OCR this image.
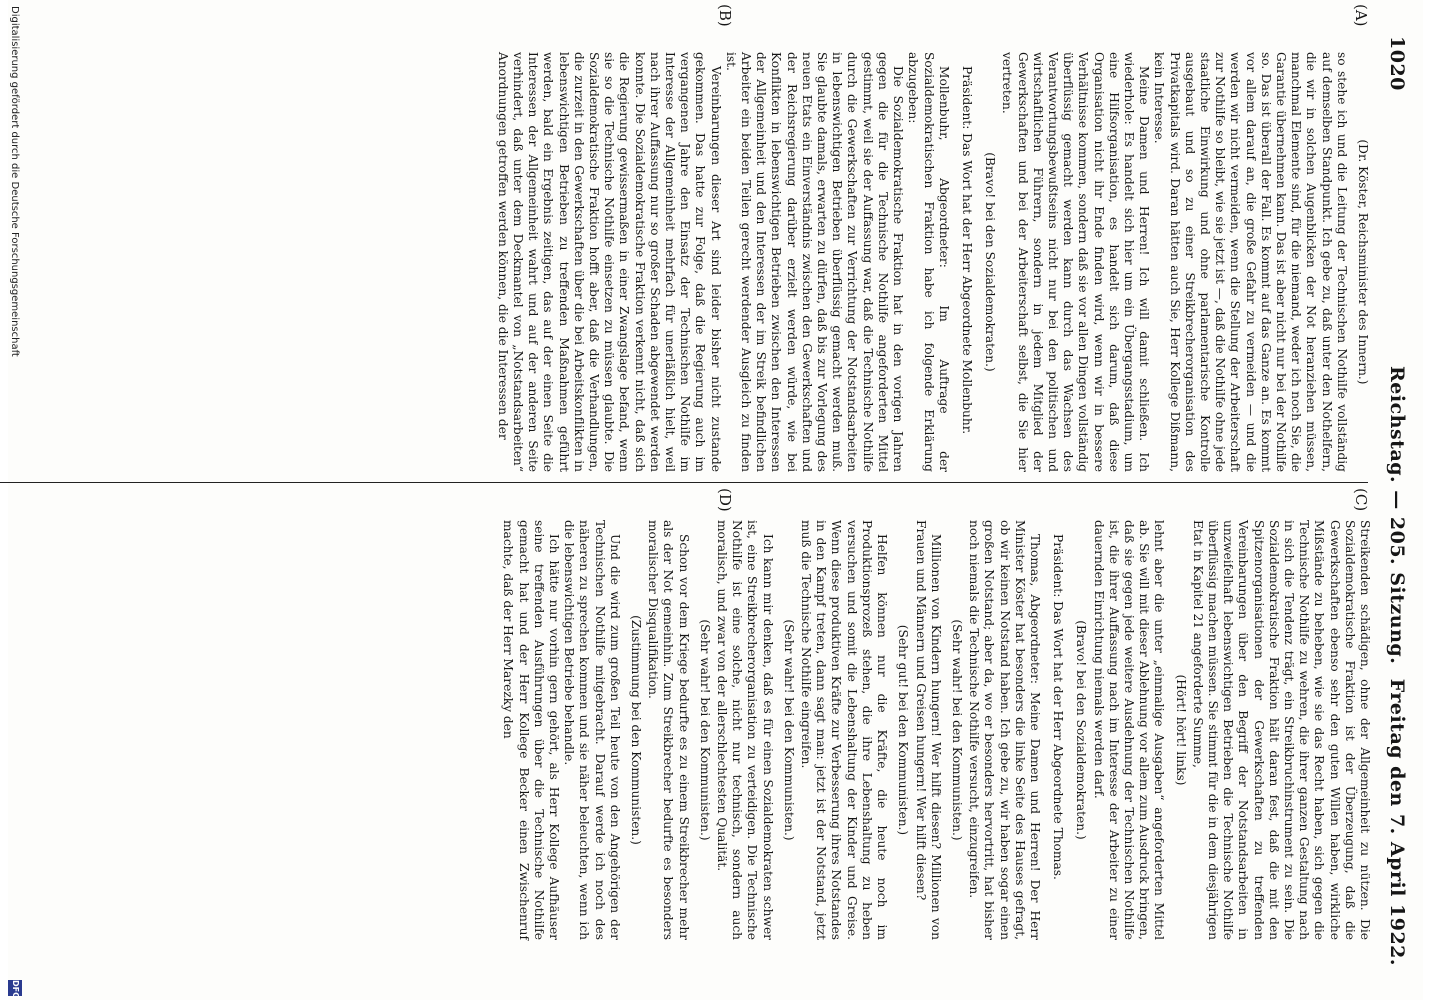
1020
Reichstag. — 205. Sitzung.
Freitag den 7. April 1922.
(A)
(B)
(C)
(D)

(Dr. Köster, Reichsminister des Innern.)

so stehe ich und die Leitung der Technischen Nothilfe vollständig auf demselben Standpunkt. Ich gebe zu, daß unter den Nothelfern, die wir in solchen Augenblicken der Not heranziehen müssen, manchmal Elemente sind, für die niemand, weder ich noch Sie, die Garantie übernehmen kann. Das ist aber nicht nur bei der Nothilfe so. Das ist überall der Fall. Es kommt auf das Ganze an. Es kommt vor allem darauf an, die große Gefahr zu vermeiden — und die werden wir nicht vermeiden, wenn die Stellung der Arbeiterschaft zur Nothilfe so bleibt, wie sie jetzt ist —, daß die Nothilfe ohne jede staatliche Einwirkung und ohne parlamentarische Kontrolle ausgebaut und so zu einer Streikbrecherorganisation des Privatkapitals wird. Daran hätten auch Sie, Herr Kollege Dißmann, kein Interesse.

Meine Damen und Herren! Ich will damit schließen. Ich wiederhole: Es handelt sich hier um ein Übergangsstadium, um eine Hilfsorganisation, es handelt sich darum, daß diese Organisation nicht ihr Ende finden wird, wenn wir in bessere Verhältnisse kommen, sondern daß sie vor allen Dingen vollständig überflüssig gemacht werden kann durch das Wachsen des Verantwortungsbewußtseins nicht nur bei den politischen und wirtschaftlichen Führern, sondern in jedem Mitglied der Gewerkschaften und bei der Arbeiterschaft selbst, die Sie hier vertreten.

(Bravo! bei den Sozialdemokraten.)

Präsident: Das Wort hat der Herr Abgeordnete Mollenbuhr.

Mollenbuhr, Abgeordneter: Im Auftrage der Sozialdemokratischen Fraktion habe ich folgende Erklärung abzugeben:

Die Sozialdemokratische Fraktion hat in den vorigen Jahren gegen die für die Technische Nothilfe angeforderten Mittel gestimmt, weil sie der Auffassung war, daß die Technische Nothilfe durch die Gewerkschaften zur Verrichtung der Notstandsarbeiten in lebenswichtigen Betrieben überflüssig gemacht werden muß. Sie glaubte damals, erwarten zu dürfen, daß bis zur Vorlegung des neuen Etats ein Einverständnis zwischen den Gewerkschaften und der Reichsregierung darüber erzielt werden würde, wie bei Konflikten in lebenswichtigen Betrieben zwischen den Interessen der Allgemeinheit und den Interessen der im Streik befindlichen Arbeiter ein beiden Teilen gerecht werdender Ausgleich zu finden ist.

Vereinbarungen dieser Art sind leider bisher nicht zustande gekommen. Das hatte zur Folge, daß die Regierung auch im vergangenen Jahre den Einsatz der Technischen Nothilfe im Interesse der Allgemeinheit mehrfach für unerläßlich hielt, weil nach ihrer Auffassung nur so großer Schaden abgewendet werden konnte. Die Sozialdemokratische Fraktion verkennt nicht, daß sich die Regierung gewissermaßen in einer Zwangslage befand, wenn sie so die Technische Nothilfe einsetzen zu müssen glaubte. Die Sozialdemokratische Fraktion hofft aber, daß die Verhandlungen, die zurzeit in den Gewerkschaften über die bei Arbeitskonflikten in lebenswichtigen Betrieben zu treffenden Maßnahmen geführt werden, bald ein Ergebnis zeitigen, das auf der einen Seite die Interessen der Allgemeinheit wahrt und auf der anderen Seite verhindert, daß unter dem Deckmantel von „Notstandsarbeiten“ Anordnungen getroffen werden können, die die Interessen der

Streikenden schädigen, ohne der Allgemeinheit zu nützen. Die Sozialdemokratische Fraktion ist der Überzeugung, daß die Gewerkschaften ebenso sehr den guten Willen haben, wirkliche Mißstände zu beheben, wie sie das Recht haben, sich gegen die Technische Nothilfe zu wehren, die ihrer ganzen Gestaltung nach in sich die Tendenz trägt, ein Streikbruchinstrument zu sein. Die Sozialdemokratische Fraktion hält daran fest, daß die mit den Spitzenorganisationen der Gewerkschaften zu treffenden Vereinbarungen über den Begriff der Notstandsarbeiten in unzweifelhaft lebenswichtigen Betrieben die Technische Nothilfe überflüssig machen müssen. Sie stimmt für die in dem diesjährigen Etat in Kapitel 21 angeforderte Summe,

(Hört! hört! links)

lehnt aber die unter „einmalige Ausgaben“ angeforderten Mittel ab. Sie will mit dieser Ablehnung vor allem zum Ausdruck bringen, daß sie gegen jede weitere Ausdehnung der Technischen Nothilfe ist, die ihrer Auffassung nach im Interesse der Arbeiter zu einer dauernden Einrichtung niemals werden darf.

(Bravo! bei den Sozialdemokraten.)

Präsident: Das Wort hat der Herr Abgeordnete Thomas.

Thomas, Abgeordneter: Meine Damen und Herren! Der Herr Minister Köster hat besonders die linke Seite des Hauses gefragt, ob wir keinen Notstand haben. Ich gebe zu, wir haben sogar einen großen Notstand; aber da, wo er besonders hervortritt, hat bisher noch niemals die Technische Nothilfe versucht, einzugreifen.

(Sehr wahr! bei den Kommunisten.)

Millionen von Kindern hungern! Wer hilft diesen? Millionen von Frauen und Männern und Greisen hungern! Wer hilft diesen?

(Sehr gut! bei den Kommunisten.)

Helfen können nur die Kräfte, die heute noch im Produktionsprozeß stehen, die ihre Lebenshaltung zu heben versuchen und somit die Lebenshaltung der Kinder und Greise. Wenn diese produktiven Kräfte zur Verbesserung ihres Notstandes in den Kampf treten, dann sagt man: jetzt ist der Notstand, jetzt muß die Technische Nothilfe eingreifen.

(Sehr wahr! bei den Kommunisten.)

Ich kann mir denken, daß es für einen Sozialdemokraten schwer ist, eine Streikbrecherorganisation zu verteidigen. Die Technische Nothilfe ist eine solche, nicht nur technisch, sondern auch moralisch, und zwar von der allerschlechtesten Qualität.

(Sehr wahr! bei den Kommunisten.)

Schon vor dem Kriege bedurfte es zu einem Streikbrecher mehr als der Not gemeinhin. Zum Streikbrecher bedurfte es besonders moralischer Disqualifikation.

(Zustimmung bei den Kommunisten.)

Und die wird zum großen Teil heute von den Angehörigen der Technischen Nothilfe mitgebracht. Darauf werde ich noch des näheren zu sprechen kommen und sie näher beleuchten, wenn ich die lebenswichtigen Betriebe behandle.

Ich hätte nur vorhin gern gehört, als Herr Kollege Aufhäuser seine treffenden Ausführungen über die Technische Nothilfe gemacht hat und der Herr Kollege Becker einen Zwischenruf machte, daß der Herr Marezky den

Digitalisierung gefördert durch die Deutsche Forschungsgemeinschaft
DFG
